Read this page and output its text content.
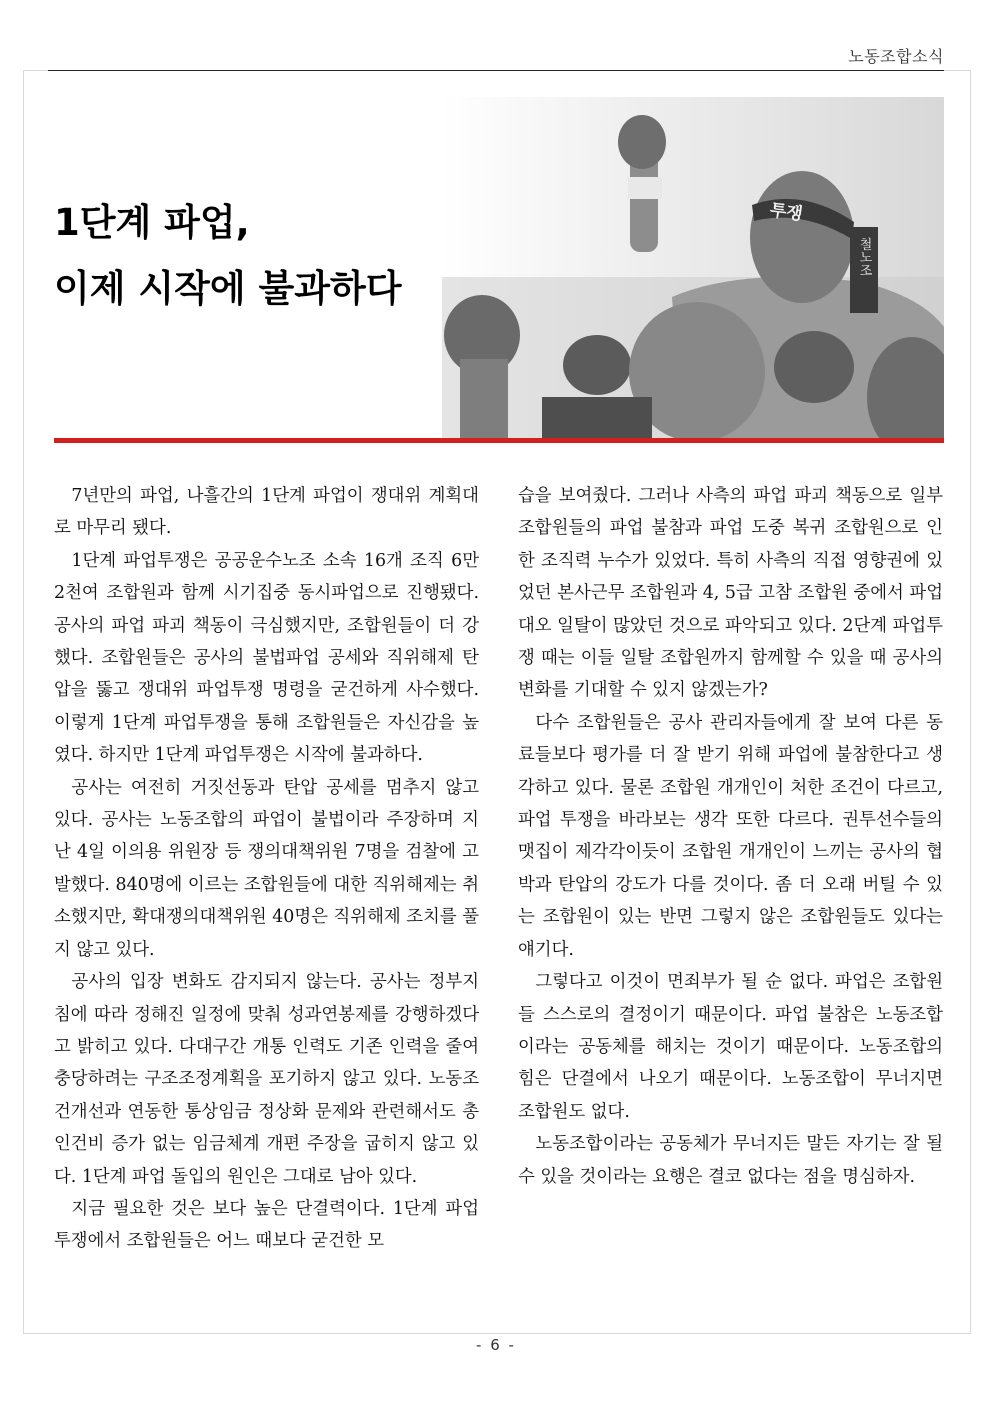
노동조합소식
1단계 파업,
이제 시작에 불과하다
투쟁
철노조

7년만의 파업, 나흘간의 1단계 파업이 쟁대위 계획대로 마무리 됐다.

1단계 파업투쟁은 공공운수노조 소속 16개 조직 6만2천여 조합원과 함께 시기집중 동시파업으로 진행됐다. 공사의 파업 파괴 책동이 극심했지만, 조합원들이 더 강했다. 조합원들은 공사의 불법파업 공세와 직위해제 탄압을 뚫고 쟁대위 파업투쟁 명령을 굳건하게 사수했다. 이렇게 1단계 파업투쟁을 통해 조합원들은 자신감을 높였다. 하지만 1단계 파업투쟁은 시작에 불과하다.

공사는 여전히 거짓선동과 탄압 공세를 멈추지 않고 있다. 공사는 노동조합의 파업이 불법이라 주장하며 지난 4일 이의용 위원장 등 쟁의대책위원 7명을 검찰에 고발했다. 840명에 이르는 조합원들에 대한 직위해제는 취소했지만, 확대쟁의대책위원 40명은 직위해제 조치를 풀지 않고 있다.

공사의 입장 변화도 감지되지 않는다. 공사는 정부지침에 따라 정해진 일정에 맞춰 성과연봉제를 강행하겠다고 밝히고 있다. 다대구간 개통 인력도 기존 인력을 줄여 충당하려는 구조조정계획을 포기하지 않고 있다. 노동조건개선과 연동한 통상임금 정상화 문제와 관련해서도 총인건비 증가 없는 임금체계 개편 주장을 굽히지 않고 있다. 1단계 파업 돌입의 원인은 그대로 남아 있다.

지금 필요한 것은 보다 높은 단결력이다. 1단계 파업투쟁에서 조합원들은 어느 때보다 굳건한 모

습을 보여줬다. 그러나 사측의 파업 파괴 책동으로 일부 조합원들의 파업 불참과 파업 도중 복귀 조합원으로 인한 조직력 누수가 있었다. 특히 사측의 직접 영향권에 있었던 본사근무 조합원과 4, 5급 고참 조합원 중에서 파업 대오 일탈이 많았던 것으로 파악되고 있다. 2단계 파업투쟁 때는 이들 일탈 조합원까지 함께할 수 있을 때 공사의 변화를 기대할 수 있지 않겠는가?

다수 조합원들은 공사 관리자들에게 잘 보여 다른 동료들보다 평가를 더 잘 받기 위해 파업에 불참한다고 생각하고 있다. 물론 조합원 개개인이 처한 조건이 다르고, 파업 투쟁을 바라보는 생각 또한 다르다. 권투선수들의 맷집이 제각각이듯이 조합원 개개인이 느끼는 공사의 협박과 탄압의 강도가 다를 것이다. 좀 더 오래 버틸 수 있는 조합원이 있는 반면 그렇지 않은 조합원들도 있다는 얘기다.

그렇다고 이것이 면죄부가 될 순 없다. 파업은 조합원들 스스로의 결정이기 때문이다. 파업 불참은 노동조합이라는 공동체를 해치는 것이기 때문이다. 노동조합의 힘은 단결에서 나오기 때문이다. 노동조합이 무너지면 조합원도 없다.

노동조합이라는 공동체가 무너지든 말든 자기는 잘 될 수 있을 것이라는 요행은 결코 없다는 점을 명심하자.

- 6 -
